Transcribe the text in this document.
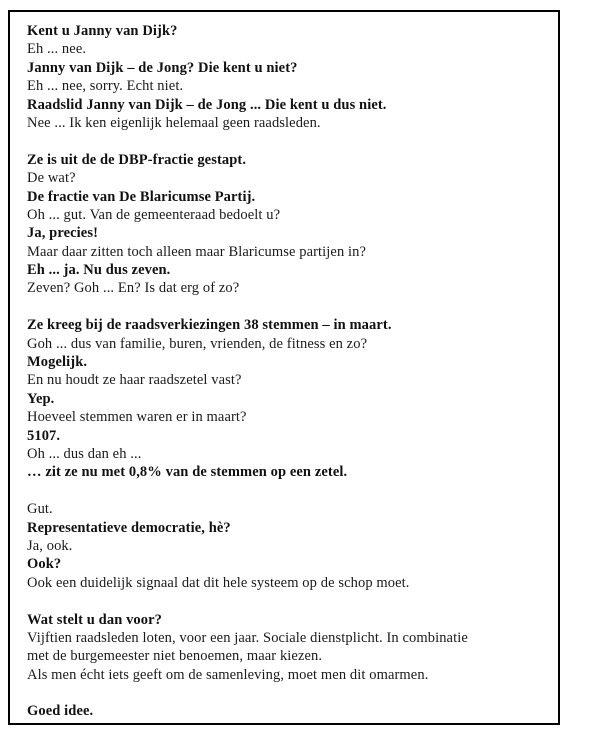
Kent u Janny van Dijk?
Eh ... nee.
Janny van Dijk – de Jong? Die kent u niet?
Eh ... nee, sorry. Echt niet.
Raadslid Janny van Dijk – de Jong ... Die kent u dus niet.
Nee ... Ik ken eigenlijk helemaal geen raadsleden.

Ze is uit de de DBP-fractie gestapt.
De wat?
De fractie van De Blaricumse Partij.
Oh ... gut. Van de gemeenteraad bedoelt u?
Ja, precies!
Maar daar zitten toch alleen maar Blaricumse partijen in?
Eh ... ja. Nu dus zeven.
Zeven? Goh ... En? Is dat erg of zo?

Ze kreeg bij de raadsverkiezingen 38 stemmen – in maart.
Goh ... dus van familie, buren, vrienden, de fitness en zo?
Mogelijk.
En nu houdt ze haar raadszetel vast?
Yep.
Hoeveel stemmen waren er in maart?
5107.
Oh ... dus dan eh ...
… zit ze nu met 0,8% van de stemmen op een zetel.

Gut.
Representatieve democratie, hè?
Ja, ook.
Ook?
Ook een duidelijk signaal dat dit hele systeem op de schop moet.

Wat stelt u dan voor?
Vijftien raadsleden loten, voor een jaar. Sociale dienstplicht. In combinatie
met de burgemeester niet benoemen, maar kiezen.
Als men écht iets geeft om de samenleving, moet men dit omarmen.

Goed idee.
